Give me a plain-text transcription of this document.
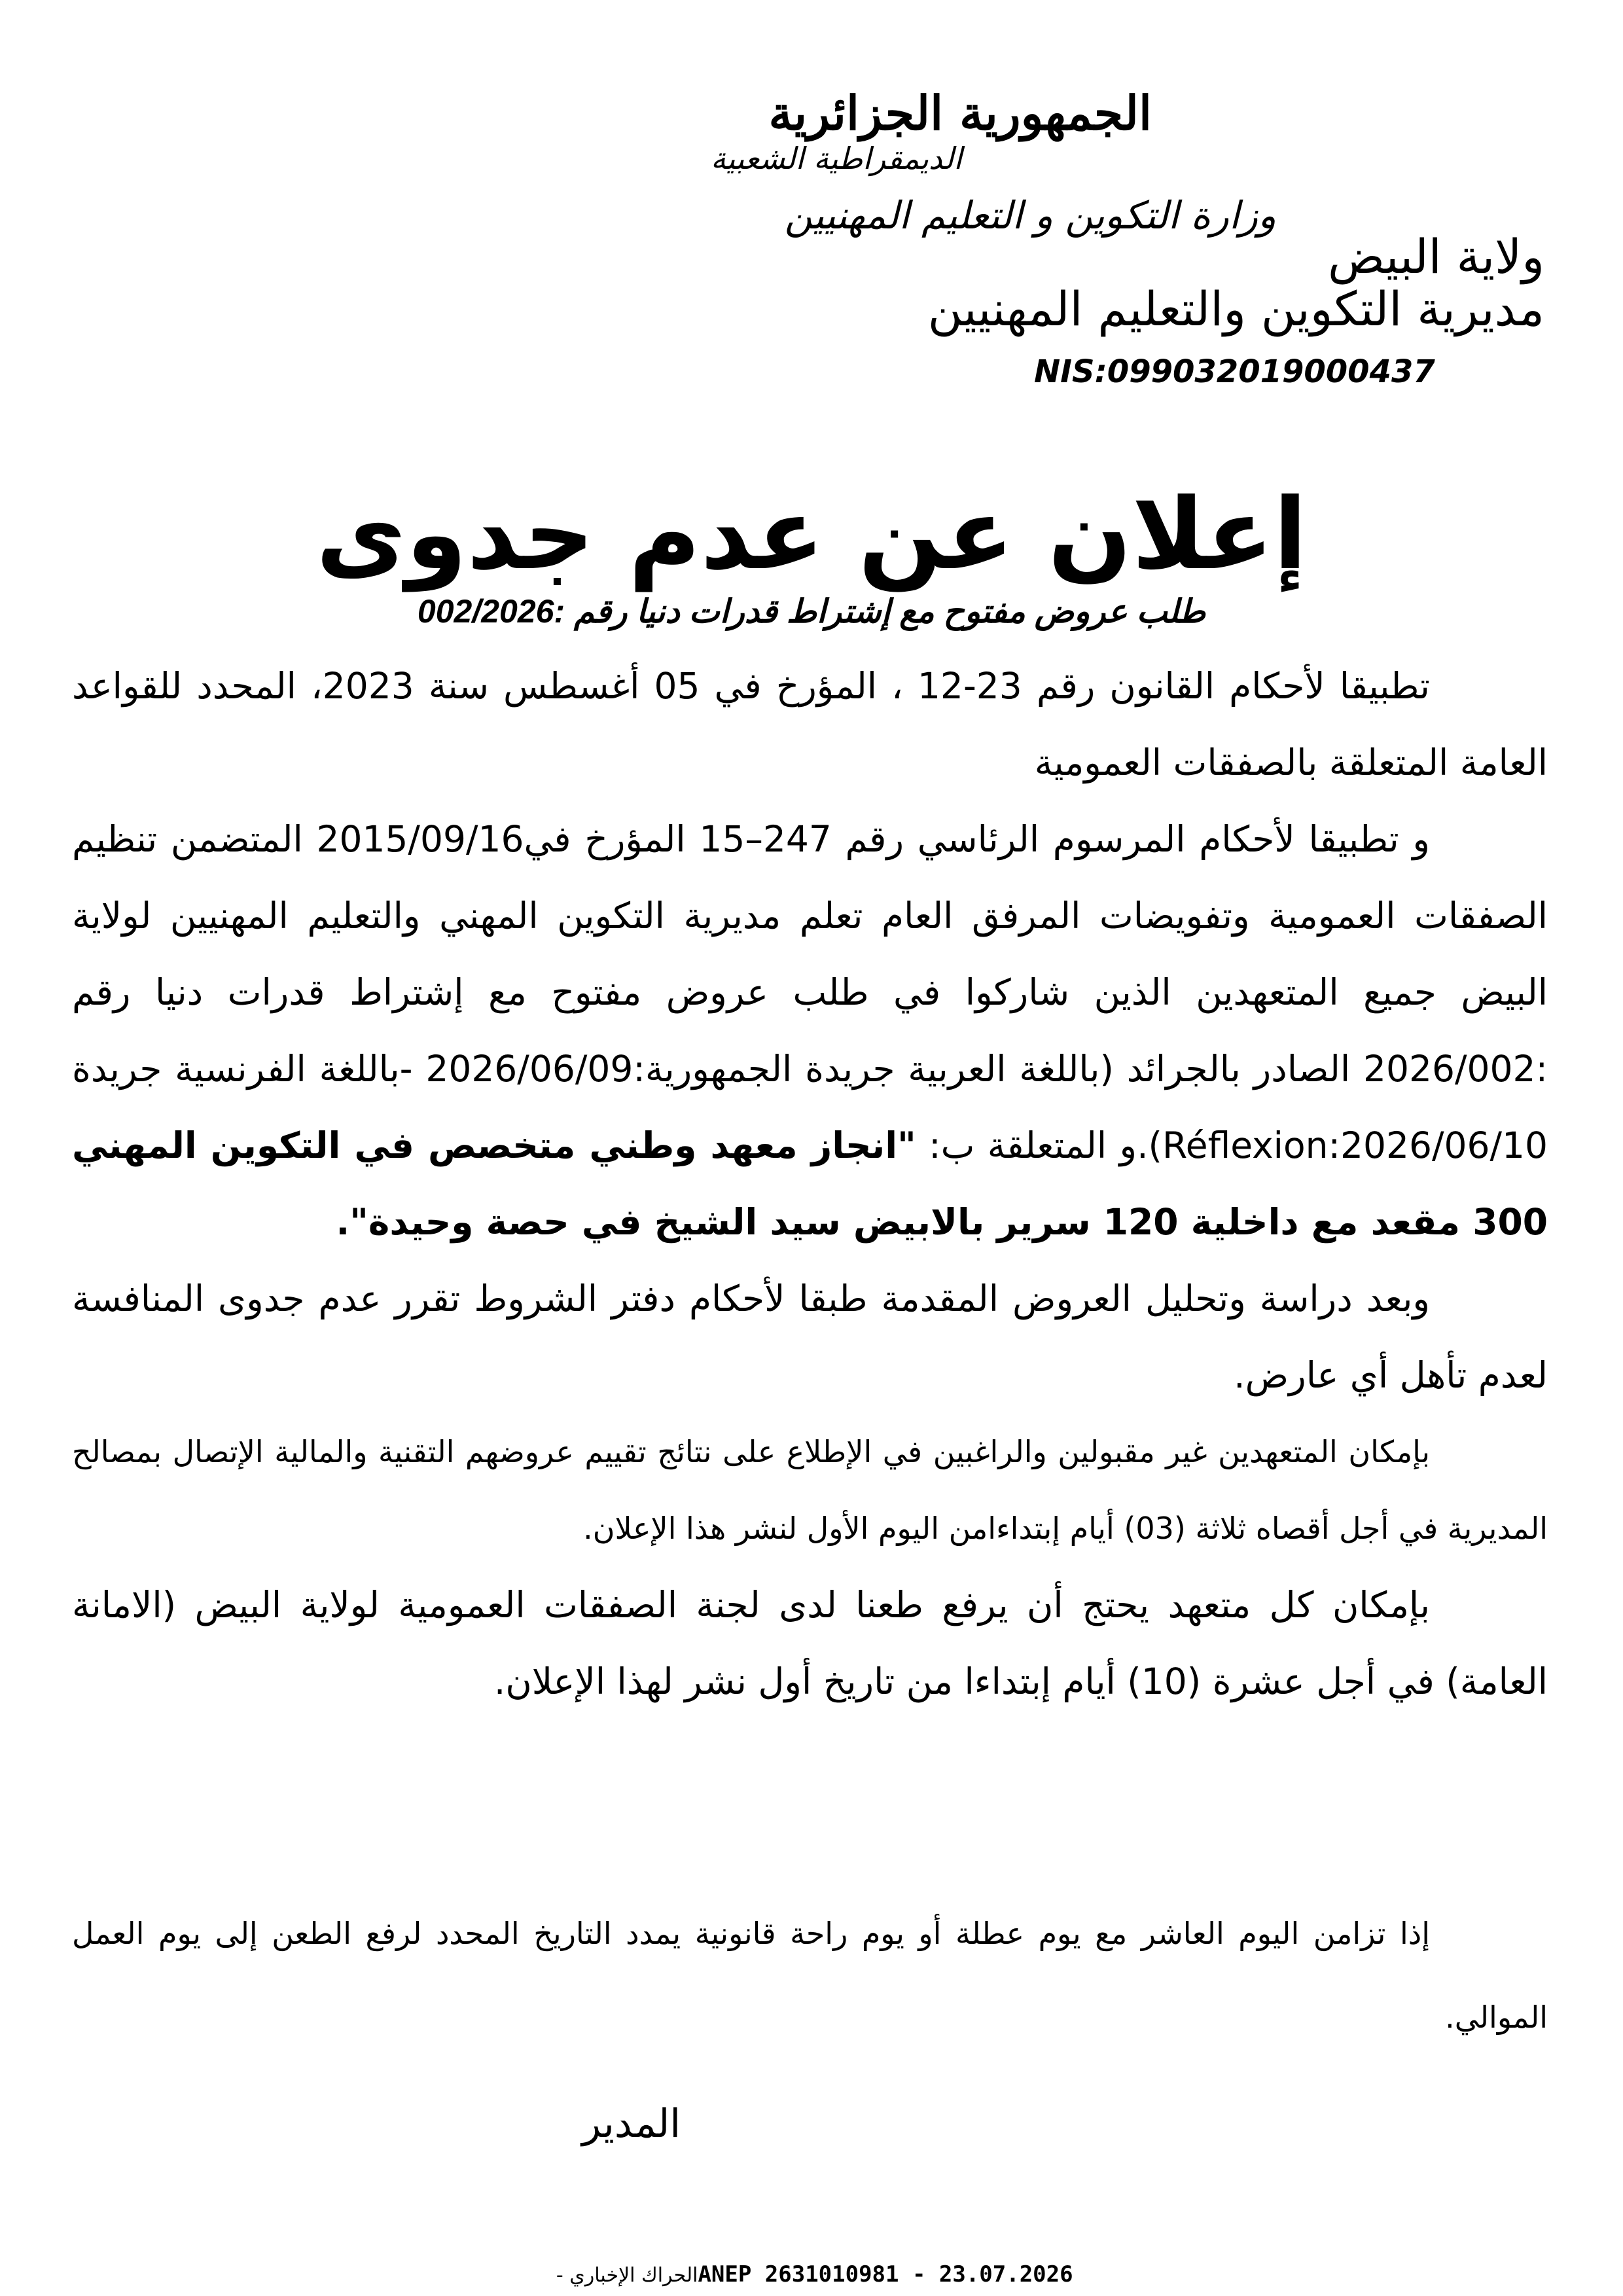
الجمهورية الجزائرية
الديمقراطية الشعبية
وزارة التكوين و التعليم المهنيين
ولاية البيض
مديرية التكوين والتعليم المهنيين
NIS:099032019000437
إعلان عن عدم جدوى
طلب عروض مفتوح مع إشتراط قدرات دنيا رقم :002/2026

تطبيقا لأحكام القانون رقم 23-12 ، المؤرخ في 05 أغسطس سنة 2023، المحدد للقواعد العامة المتعلقة بالصفقات العمومية

و تطبيقا لأحكام المرسوم الرئاسي رقم 247–15 المؤرخ في2015/09/16 المتضمن تنظيم الصفقات العمومية وتفويضات المرفق العام تعلم مديرية التكوين المهني والتعليم المهنيين لولاية البيض جميع المتعهدين الذين شاركوا في طلب عروض مفتوح مع إشتراط قدرات دنيا رقم :2026/002 الصادر بالجرائد (باللغة العربية جريدة الجمهورية:2026/06/09 -باللغة الفرنسية جريدة Réflexion:2026/06/10).و المتعلقة ب: "انجاز معهد وطني متخصص في التكوين المهني 300 مقعد مع داخلية 120 سرير بالابيض سيد الشيخ في حصة وحيدة".

وبعد دراسة وتحليل العروض المقدمة طبقا لأحكام دفتر الشروط تقرر عدم جدوى المنافسة لعدم تأهل أي عارض.

بإمكان المتعهدين غير مقبولين والراغبين في الإطلاع على نتائج تقييم عروضهم التقنية والمالية الإتصال بمصالح المديرية في أجل أقصاه ثلاثة (03) أيام إبتداءامن اليوم الأول لنشر هذا الإعلان.

بإمكان كل متعهد يحتج أن يرفع طعنا لدى لجنة الصفقات العمومية لولاية البيض (الامانة العامة) في أجل عشرة (10) أيام إبتداءا من تاريخ أول نشر لهذا الإعلان.

إذا تزامن اليوم العاشر مع يوم عطلة أو يوم راحة قانونية يمدد التاريخ المحدد لرفع الطعن إلى يوم العمل الموالي.

المدير
الحراك الإخباري - ANEP 2631010981 - 23.07.2026
